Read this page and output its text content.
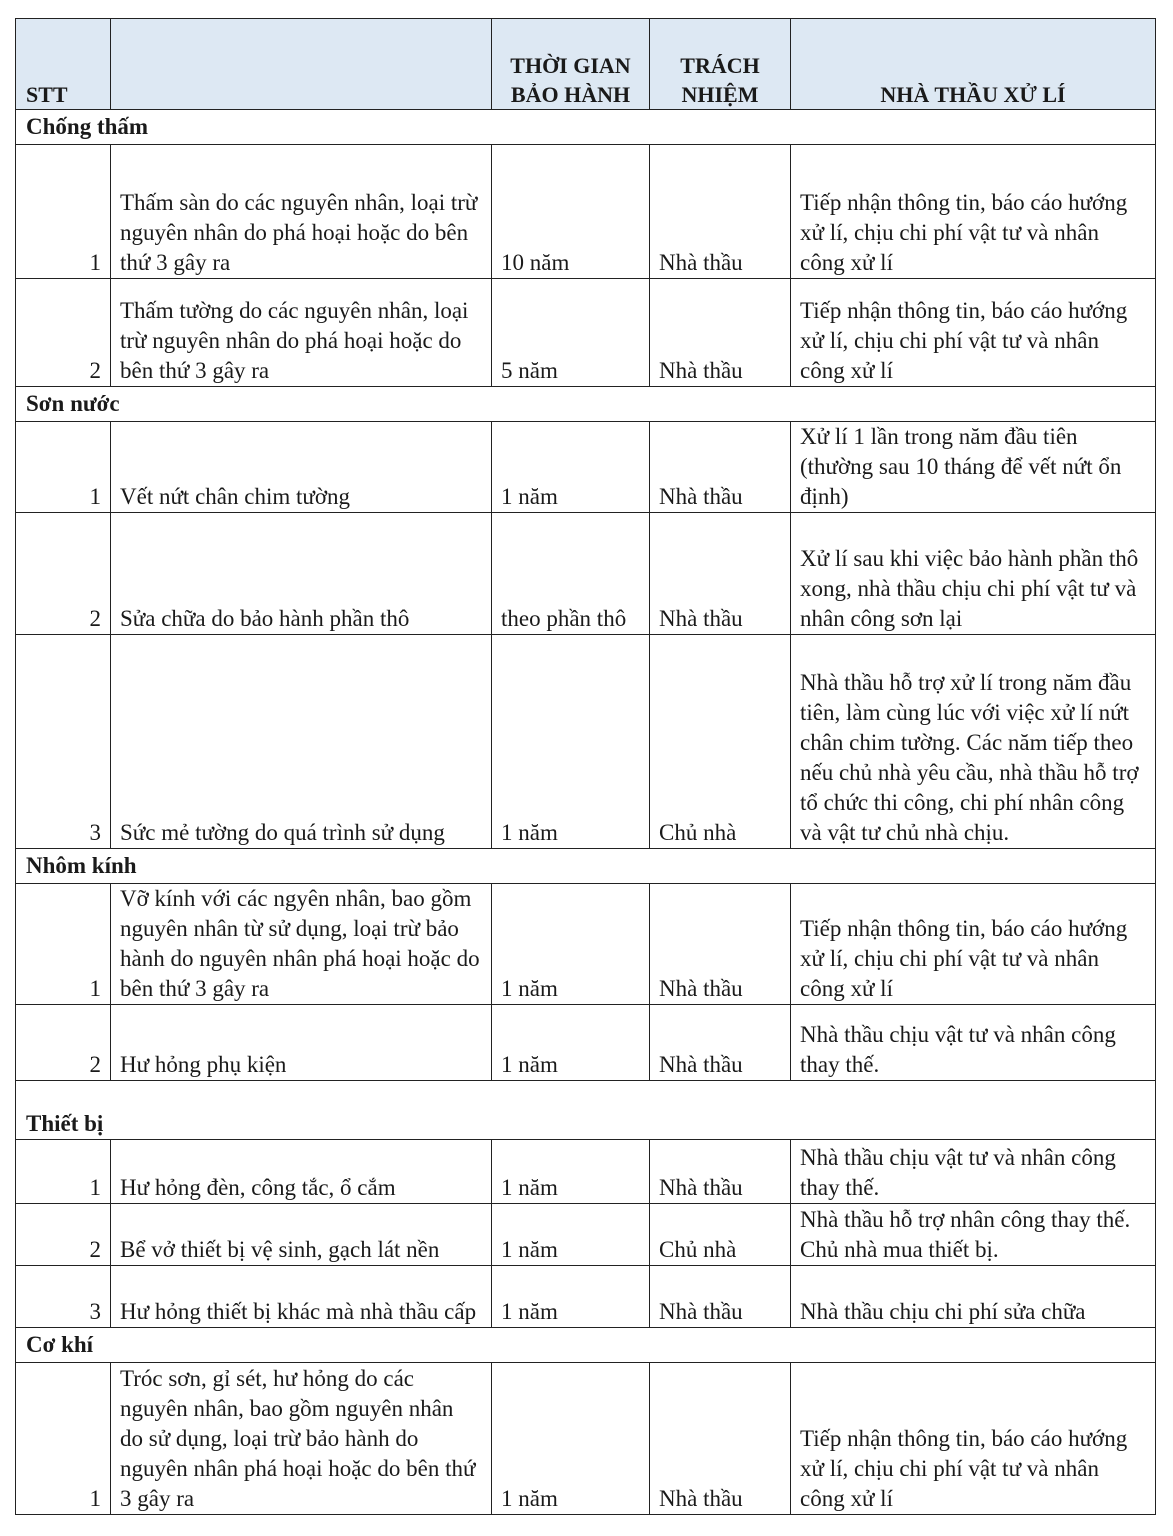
STT		THỜI GIAN BẢO HÀNH	TRÁCH NHIỆM	NHÀ THẦU XỬ LÍ
Chống thấm				
1	Thấm sàn do các nguyên nhân, loại trừ nguyên nhân do phá hoại hoặc do bên thứ 3 gây ra	10 năm	Nhà thầu	Tiếp nhận thông tin, báo cáo hướng xử lí, chịu chi phí vật tư và nhân công xử lí
2	Thấm tường do các nguyên nhân, loại trừ nguyên nhân do phá hoại hoặc do bên thứ 3 gây ra	5 năm	Nhà thầu	Tiếp nhận thông tin, báo cáo hướng xử lí, chịu chi phí vật tư và nhân công xử lí
Sơn nước				
1	Vết nứt chân chim tường	1 năm	Nhà thầu	Xử lí 1 lần trong năm đầu tiên (thường sau 10 tháng để vết nứt ổn định)
2	Sửa chữa do bảo hành phần thô	theo phần thô	Nhà thầu	Xử lí sau khi việc bảo hành phần thô xong, nhà thầu chịu chi phí vật tư và nhân công sơn lại
3	Sức mẻ tường do quá trình sử dụng	1 năm	Chủ nhà	Nhà thầu hỗ trợ xử lí trong năm đầu tiên, làm cùng lúc với việc xử lí nứt chân chim tường. Các năm tiếp theo nếu chủ nhà yêu cầu, nhà thầu hỗ trợ tổ chức thi công, chi phí nhân công và vật tư chủ nhà chịu.
Nhôm kính				
1	Vỡ kính với các ngyên nhân, bao gồm nguyên nhân từ sử dụng, loại trừ bảo hành do nguyên nhân phá hoại hoặc do bên thứ 3 gây ra	1 năm	Nhà thầu	Tiếp nhận thông tin, báo cáo hướng xử lí, chịu chi phí vật tư và nhân công xử lí
2	Hư hỏng phụ kiện	1 năm	Nhà thầu	Nhà thầu chịu vật tư và nhân công thay thế.
Thiết bị				
1	Hư hỏng đèn, công tắc, ổ cắm	1 năm	Nhà thầu	Nhà thầu chịu vật tư và nhân công thay thế.
2	Bể vở thiết bị vệ sinh, gạch lát nền	1 năm	Chủ nhà	Nhà thầu hỗ trợ nhân công thay thế. Chủ nhà mua thiết bị.
3	Hư hỏng thiết bị khác mà nhà thầu cấp	1 năm	Nhà thầu	Nhà thầu chịu chi phí sửa chữa
Cơ khí				
1	Tróc sơn, gỉ sét, hư hỏng do các nguyên nhân, bao gồm nguyên nhân do sử dụng, loại trừ bảo hành do nguyên nhân phá hoại hoặc do bên thứ 3 gây ra	1 năm	Nhà thầu	Tiếp nhận thông tin, báo cáo hướng xử lí, chịu chi phí vật tư và nhân công xử lí
